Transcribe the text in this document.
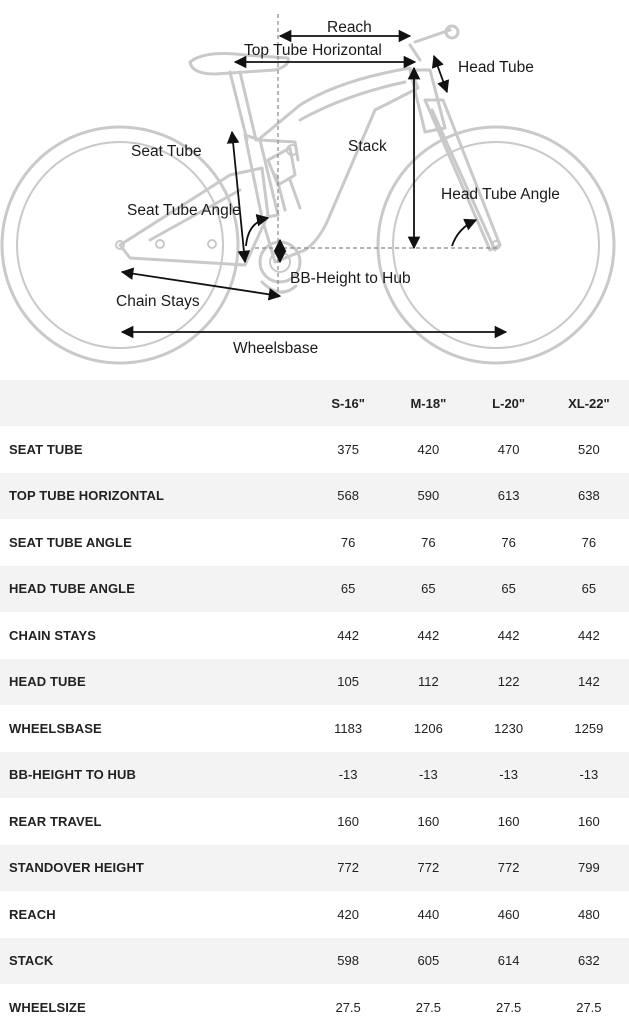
Reach
Top Tube Horizontal
Head Tube
Seat Tube	Stack
Seat Tube Angle
Head Tube Angle
BB-Height to Hub
Chain Stays
Wheelsbase
	S-16"	M-18"	L-20"	XL-22"
SEAT TUBE	375	420	470	520
TOP TUBE HORIZONTAL	568	590	613	638
SEAT TUBE ANGLE	76	76	76	76
HEAD TUBE ANGLE	65	65	65	65
CHAIN STAYS	442	442	442	442
HEAD TUBE	105	112	122	142
WHEELSBASE	1183	1206	1230	1259
BB-HEIGHT TO HUB	-13	-13	-13	-13
REAR TRAVEL	160	160	160	160
STANDOVER HEIGHT	772	772	772	799
REACH	420	440	460	480
STACK	598	605	614	632
WHEELSIZE	27.5	27.5	27.5	27.5
